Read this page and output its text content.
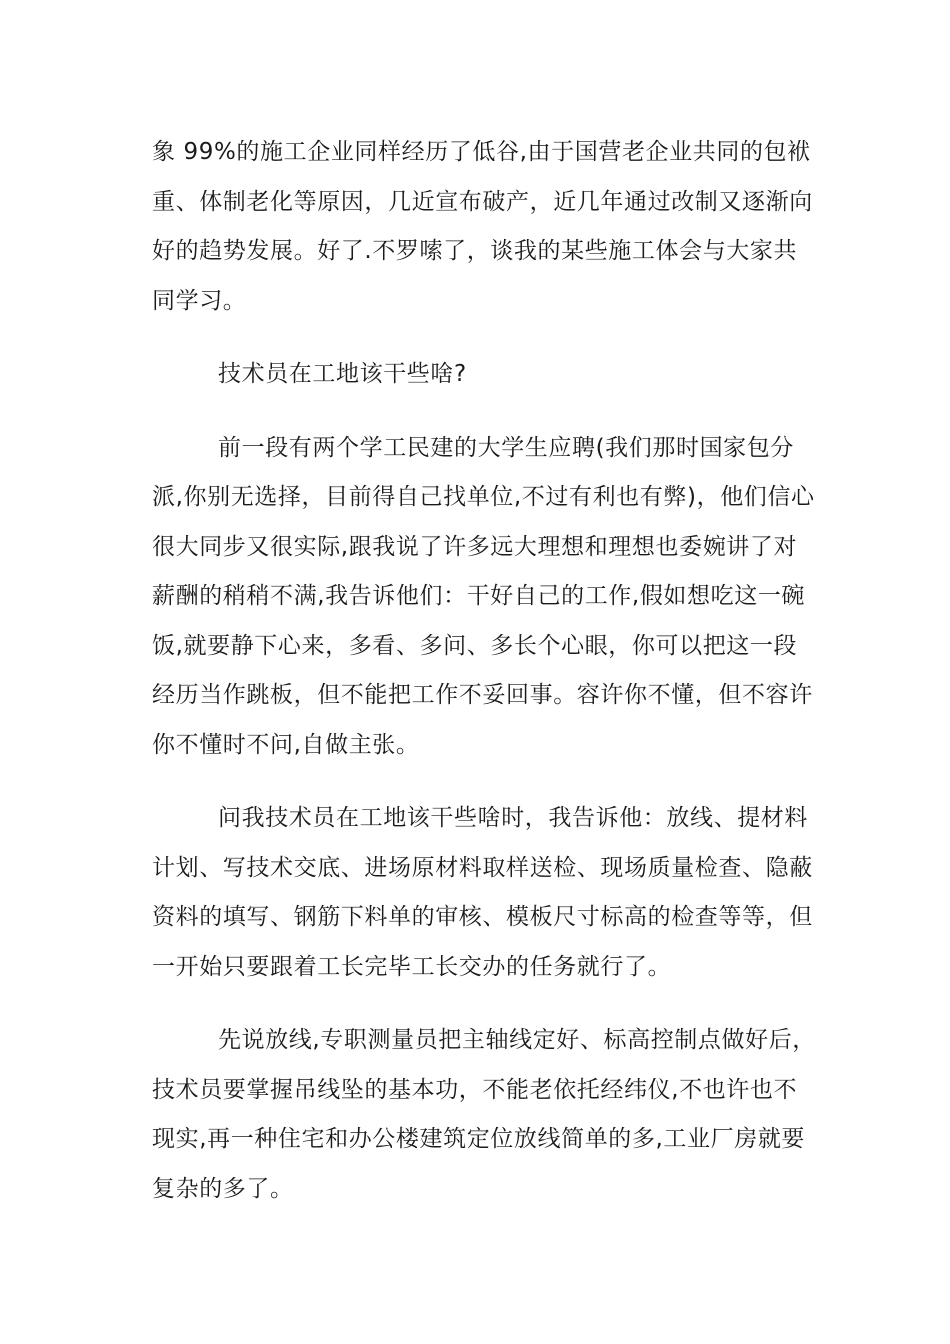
象 99%的施工企业同样经历了低谷,由于国营老企业共同的包袱
重、体制老化等原因，几近宣布破产，近几年通过改制又逐渐向
好的趋势发展。好了.不罗嗦了，谈我的某些施工体会与大家共
同学习。
技术员在工地该干些啥?
前一段有两个学工民建的大学生应聘(我们那时国家包分
派,你别无选择，目前得自己找单位,不过有利也有弊)，他们信心
很大同步又很实际,跟我说了许多远大理想和理想也委婉讲了对
薪酬的稍稍不满,我告诉他们：干好自己的工作,假如想吃这一碗
饭,就要静下心来，多看、多问、多长个心眼，你可以把这一段
经历当作跳板，但不能把工作不妥回事。容许你不懂，但不容许
你不懂时不问,自做主张。
问我技术员在工地该干些啥时，我告诉他：放线、提材料
计划、写技术交底、进场原材料取样送检、现场质量检查、隐蔽
资料的填写、钢筋下料单的审核、模板尺寸标高的检查等等，但
一开始只要跟着工长完毕工长交办的任务就行了。
先说放线,专职测量员把主轴线定好、标高控制点做好后，
技术员要掌握吊线坠的基本功，不能老依托经纬仪,不也许也不
现实,再一种住宅和办公楼建筑定位放线简单的多,工业厂房就要
复杂的多了。
